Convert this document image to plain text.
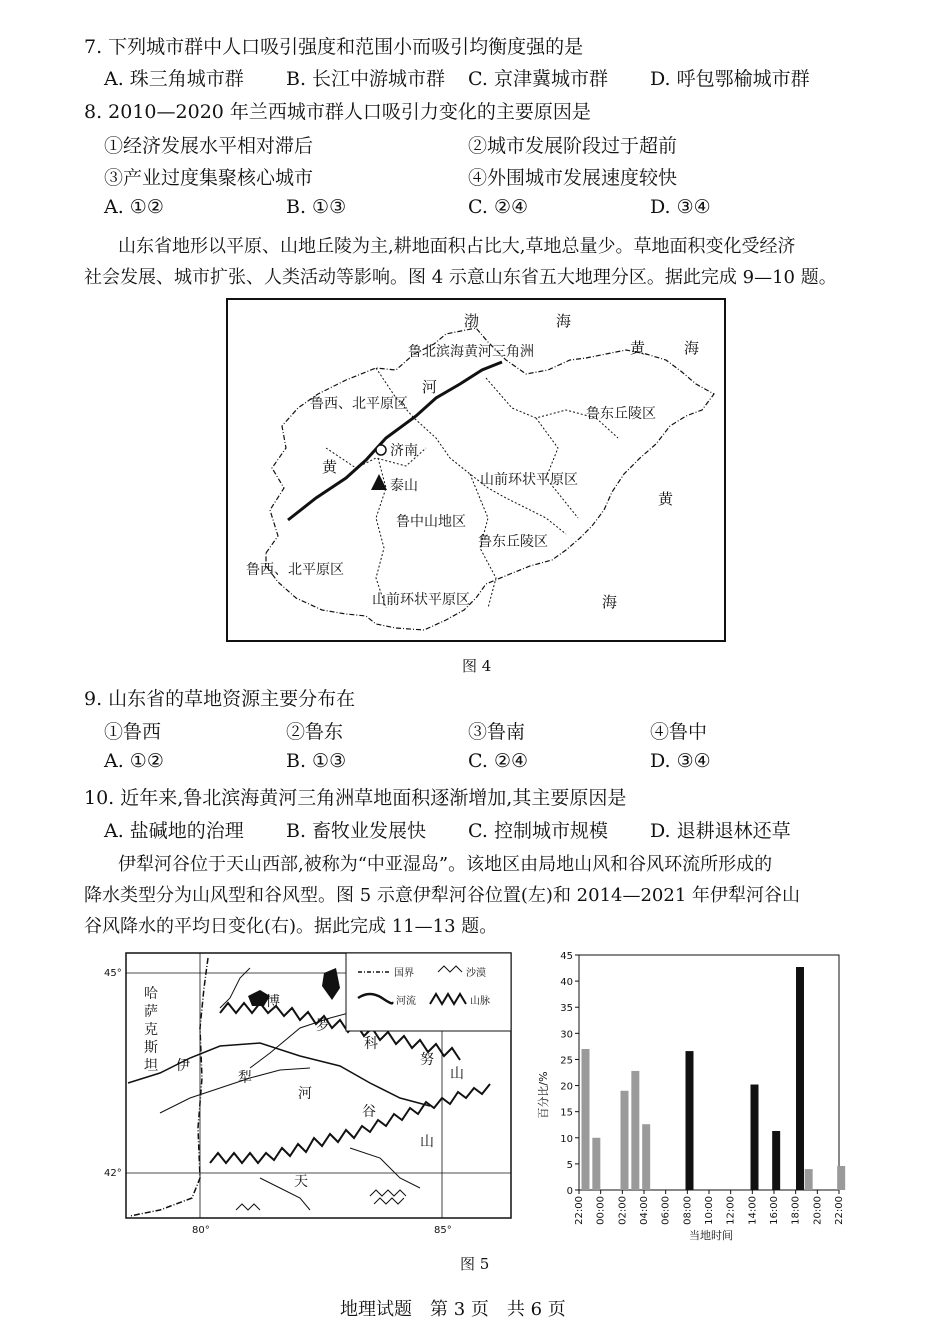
7. 下列城市群中人口吸引强度和范围小而吸引均衡度强的是
A. 珠三角城市群 B. 长江中游城市群 C. 京津冀城市群 D. 呼包鄂榆城市群
8. 2010—2020 年兰西城市群人口吸引力变化的主要原因是
①经济发展水平相对滞后	②城市发展阶段过于超前
③产业过度集聚核心城市	④外围城市发展速度较快
A. ①②	B. ①③	C. ②④	D. ③④
山东省地形以平原、山地丘陵为主,耕地面积占比大,草地总量少。草地面积变化受经济
社会发展、城市扩张、人类活动等影响。图 4 示意山东省五大地理分区。据此完成 9—10 题。
渤	海
黄	海
黄
海
鲁北滨海黄河三角洲
河
黄
鲁西、北平原区
鲁东丘陵区
济南
山前环状平原区
泰山
鲁中山地区
鲁东丘陵区
鲁西、北平原区
山前环状平原区
图 4
9. 山东省的草地资源主要分布在
①鲁西	②鲁东	③鲁南	④鲁中
A. ①②	B. ①③	C. ②④	D. ③④
10. 近年来,鲁北滨海黄河三角洲草地面积逐渐增加,其主要原因是
A. 盐碱地的治理 B. 畜牧业发展快 C. 控制城市规模 D. 退耕退林还草
伊犁河谷位于天山西部,被称为“中亚湿岛”。该地区由局地山风和谷风环流所形成的
降水类型分为山风型和谷风型。图 5 示意伊犁河谷位置(左)和 2014—2021 年伊犁河谷山
谷风降水的平均日变化(右)。据此完成 11—13 题。
45°
42°
80°	85°
哈
萨
克
斯
坦
国界	沙漠
河流	山脉
伊
犁
河
谷
博
罗
科
努
山
山
天
0
5
10
15
20
25
30
35
40
45
22:00 00:00 02:00 04:00 06:00 08:00 10:00 12:00 14:00 16:00 18:00 20:00 22:00
百分比/%
当地时间
图 5
地理试题　第 3 页　共 6 页
